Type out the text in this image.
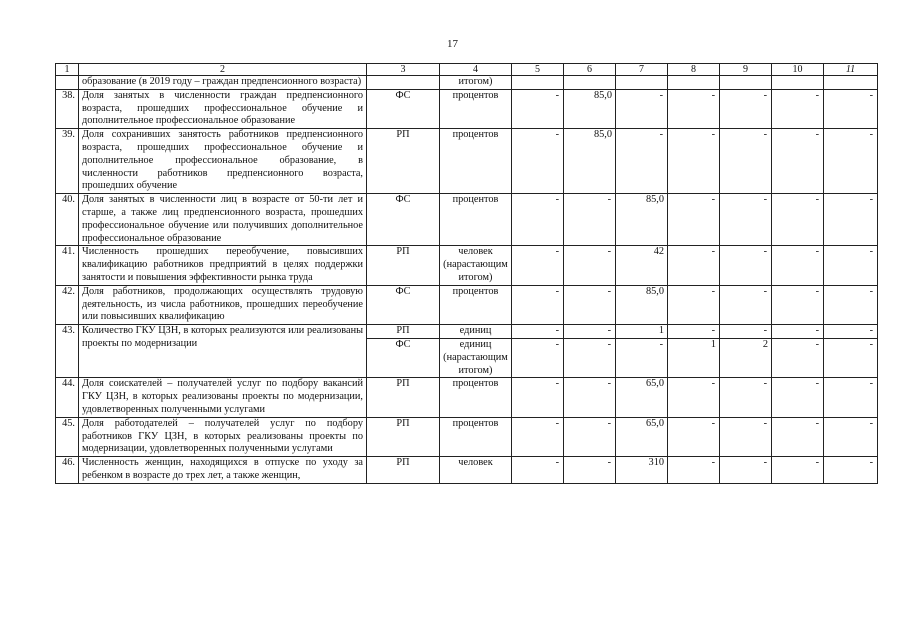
17
1	2	3	4	5	6	7	8	9	10	11
	образование (в 2019 году – граждан предпенсионного возраста)		итогом)							
38.	Доля занятых в численности граждан предпенсионного возраста, прошедших профессиональное обучение и дополнительное профессиональное образование	ФС	процентов	-	85,0	-	-	-	-	-
39.	Доля сохранивших занятость работников предпенсионного возраста, прошедших профессиональное обучение и дополнительное профессиональное образование, в численности работников предпенсионного возраста, прошедших обучение	РП	процентов	-	85,0	-	-	-	-	-
40.	Доля занятых в численности лиц в возрасте от 50-ти лет и старше, а также лиц предпенсионного возраста, прошедших профессиональное обучение или получивших дополнительное профессиональное образование	ФС	процентов	-	-	85,0	-	-	-	-
41.	Численность прошедших переобучение, повысивших квалификацию работников предприятий в целях поддержки занятости и повышения эффективности рынка труда	РП	человек (нарастающим итогом)	-	-	42	-	-	-	-
42.	Доля работников, продолжающих осуществлять трудовую деятельность, из числа работников, прошедших переобучение или повысивших квалификацию	ФС	процентов	-	-	85,0	-	-	-	-
43.	Количество ГКУ ЦЗН, в которых реализуются или реализованы проекты по модернизации	РП	единиц	-	-	1	-	-	-	-
		ФС	единиц (нарастающим итогом)	-	-	-	1	2	-	-
44.	Доля соискателей – получателей услуг по подбору вакансий ГКУ ЦЗН, в которых реализованы проекты по модернизации, удовлетворенных полученными услугами	РП	процентов	-	-	65,0	-	-	-	-
45.	Доля работодателей – получателей услуг по подбору работников ГКУ ЦЗН, в которых реализованы проекты по модернизации, удовлетворенных полученными услугами	РП	процентов	-	-	65,0	-	-	-	-
46.	Численность женщин, находящихся в отпуске по уходу за ребенком в возрасте до трех лет, а также женщин,	РП	человек	-	-	310	-	-	-	-
